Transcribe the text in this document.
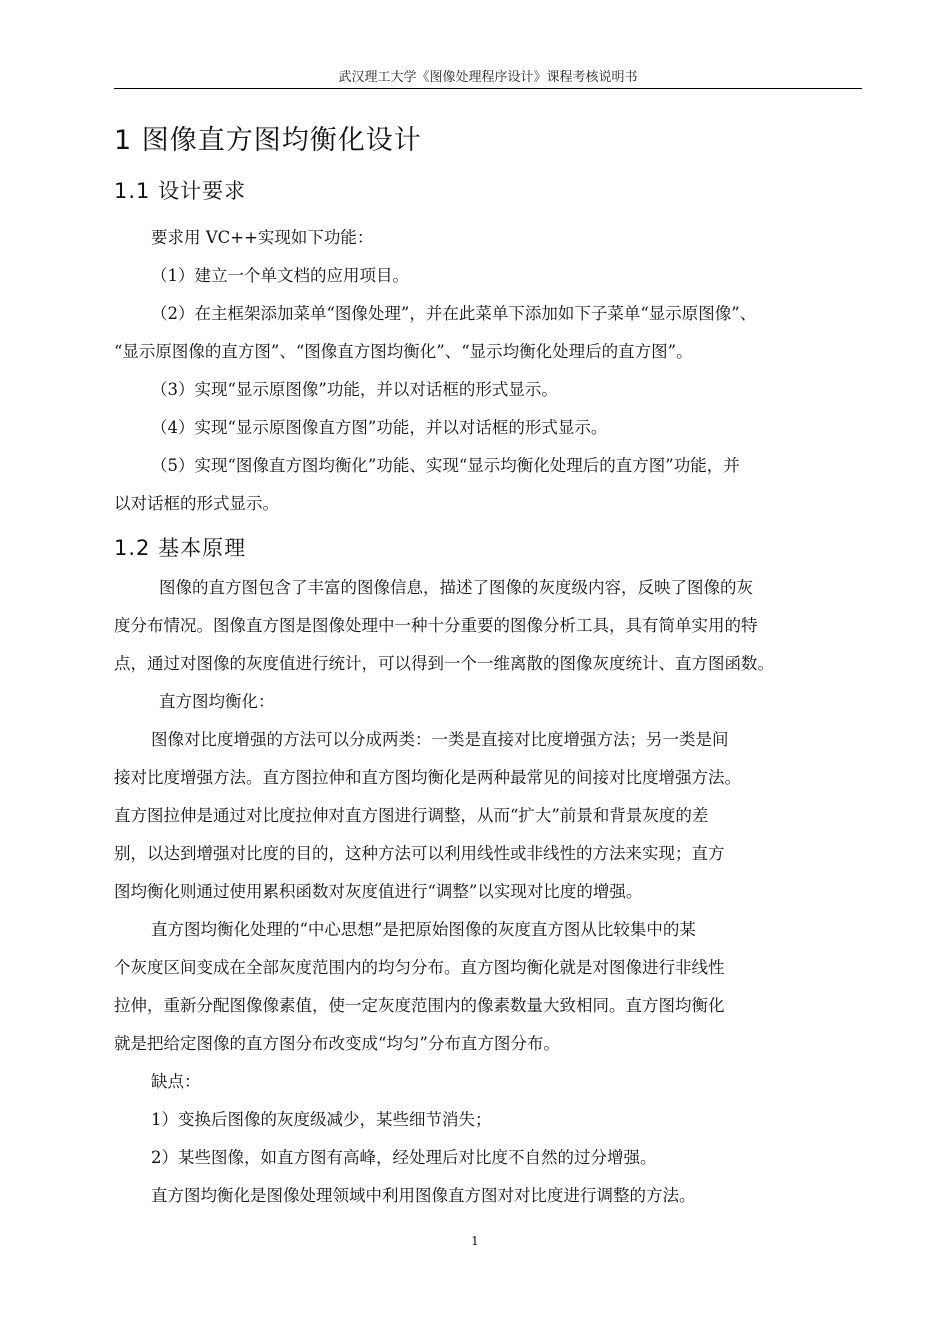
武汉理工大学《图像处理程序设计》课程考核说明书
1 图像直方图均衡化设计
1.1 设计要求
要求用 VC++实现如下功能：
（1）建立一个单文档的应用项目。
（2）在主框架添加菜单“图像处理”，并在此菜单下添加如下子菜单“显示原图像”、
“显示原图像的直方图”、“图像直方图均衡化”、“显示均衡化处理后的直方图”。
（3）实现“显示原图像”功能，并以对话框的形式显示。
（4）实现“显示原图像直方图”功能，并以对话框的形式显示。
（5）实现“图像直方图均衡化”功能、实现“显示均衡化处理后的直方图”功能，并
以对话框的形式显示。
1.2 基本原理
图像的直方图包含了丰富的图像信息，描述了图像的灰度级内容，反映了图像的灰
度分布情况。图像直方图是图像处理中一种十分重要的图像分析工具，具有简单实用的特
点，通过对图像的灰度值进行统计，可以得到一个一维离散的图像灰度统计、直方图函数。
直方图均衡化：
图像对比度增强的方法可以分成两类：一类是直接对比度增强方法；另一类是间
接对比度增强方法。直方图拉伸和直方图均衡化是两种最常见的间接对比度增强方法。
直方图拉伸是通过对比度拉伸对直方图进行调整，从而“扩大”前景和背景灰度的差
别，以达到增强对比度的目的，这种方法可以利用线性或非线性的方法来实现；直方
图均衡化则通过使用累积函数对灰度值进行“调整”以实现对比度的增强。
直方图均衡化处理的“中心思想”是把原始图像的灰度直方图从比较集中的某
个灰度区间变成在全部灰度范围内的均匀分布。直方图均衡化就是对图像进行非线性
拉伸，重新分配图像像素值，使一定灰度范围内的像素数量大致相同。直方图均衡化
就是把给定图像的直方图分布改变成“均匀”分布直方图分布。
缺点：
1）变换后图像的灰度级减少，某些细节消失；
2）某些图像，如直方图有高峰，经处理后对比度不自然的过分增强。
直方图均衡化是图像处理领域中利用图像直方图对对比度进行调整的方法。
1
